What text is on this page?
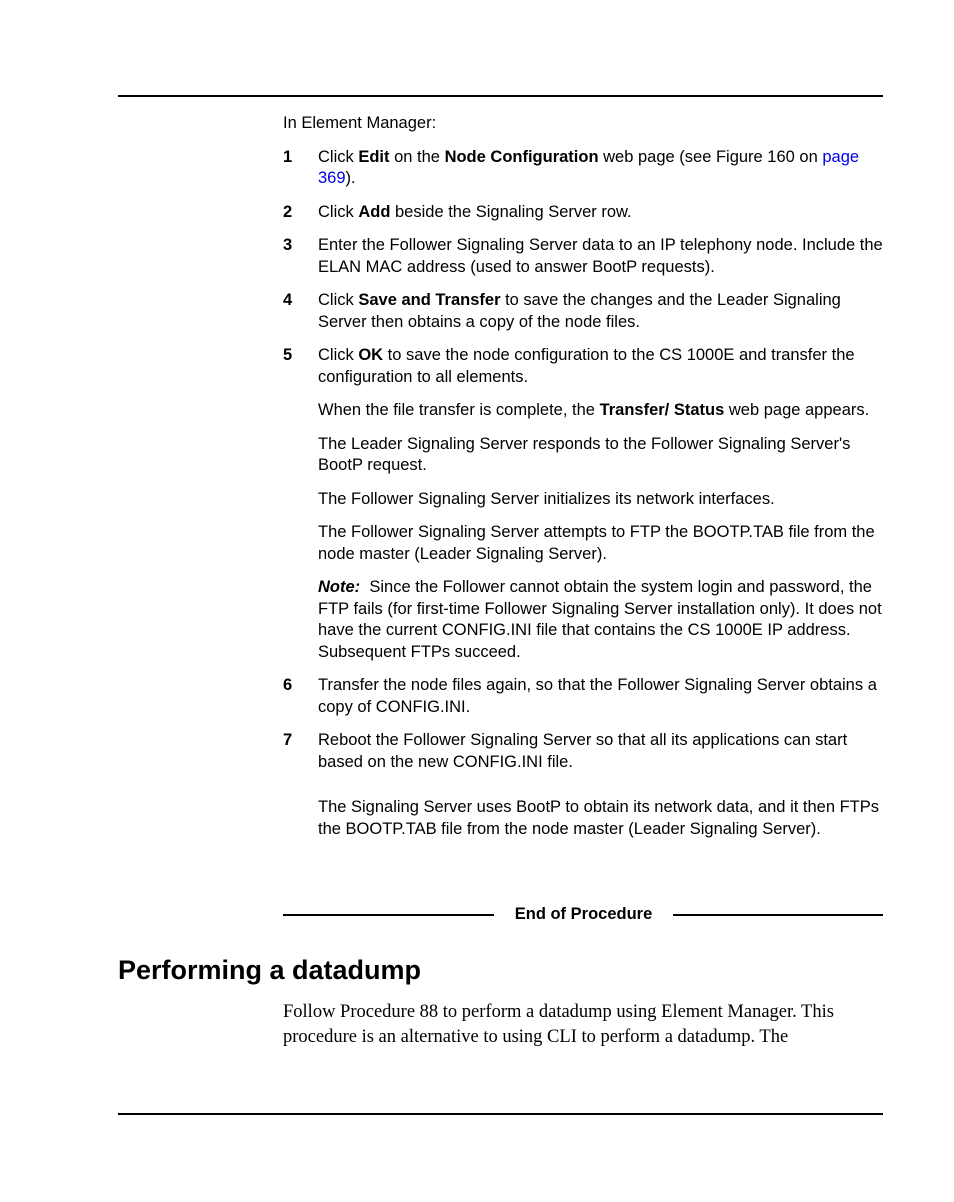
In Element Manager:

1 Click Edit on the Node Configuration web page (see Figure 160 on page 369).
2 Click Add beside the Signaling Server row.
3 Enter the Follower Signaling Server data to an IP telephony node. Include the ELAN MAC address (used to answer BootP requests).
4 Click Save and Transfer to save the changes and the Leader Signaling Server then obtains a copy of the node files.
5 Click OK to save the node configuration to the CS 1000E and transfer the configuration to all elements.

When the file transfer is complete, the Transfer/ Status web page appears.

The Leader Signaling Server responds to the Follower Signaling Server's BootP request.

The Follower Signaling Server initializes its network interfaces.

The Follower Signaling Server attempts to FTP the BOOTP.TAB file from the node master (Leader Signaling Server).

Note: Since the Follower cannot obtain the system login and password, the FTP fails (for first-time Follower Signaling Server installation only). It does not have the current CONFIG.INI file that contains the CS 1000E IP address. Subsequent FTPs succeed.

6 Transfer the node files again, so that the Follower Signaling Server obtains a copy of CONFIG.INI.
7 Reboot the Follower Signaling Server so that all its applications can start based on the new CONFIG.INI file.

The Signaling Server uses BootP to obtain its network data, and it then FTPs the BOOTP.TAB file from the node master (Leader Signaling Server).

End of Procedure
Performing a datadump

Follow Procedure 88 to perform a datadump using Element Manager. This procedure is an alternative to using CLI to perform a datadump. The
